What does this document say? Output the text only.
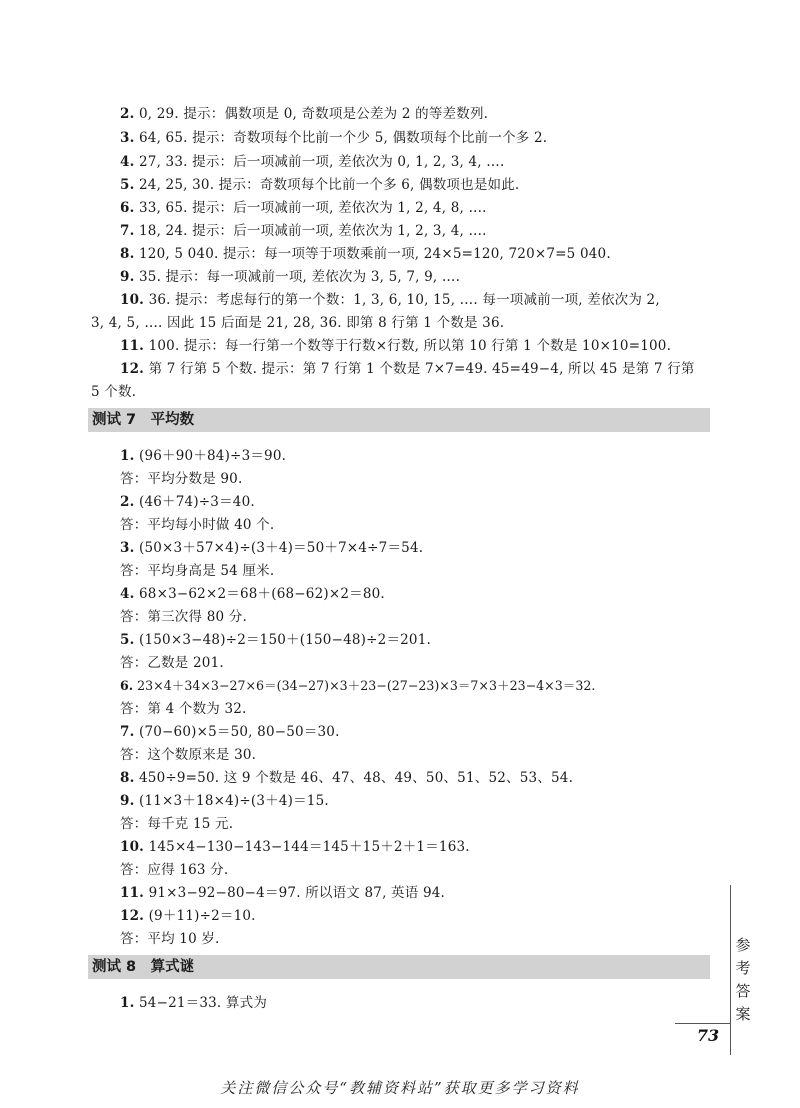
2. 0, 29. 提示：偶数项是 0, 奇数项是公差为 2 的等差数列.
3. 64, 65. 提示：奇数项每个比前一个少 5, 偶数项每个比前一个多 2.
4. 27, 33. 提示：后一项减前一项, 差依次为 0, 1, 2, 3, 4, ….
5. 24, 25, 30. 提示：奇数项每个比前一个多 6, 偶数项也是如此.
6. 33, 65. 提示：后一项减前一项, 差依次为 1, 2, 4, 8, ….
7. 18, 24. 提示：后一项减前一项, 差依次为 1, 2, 3, 4, ….
8. 120, 5 040. 提示：每一项等于项数乘前一项, 24×5=120, 720×7=5 040.
9. 35. 提示：每一项减前一项, 差依次为 3, 5, 7, 9, ….
10. 36. 提示：考虑每行的第一个数：1, 3, 6, 10, 15, …. 每一项减前一项, 差依次为 2,
3, 4, 5, …. 因此 15 后面是 21, 28, 36. 即第 8 行第 1 个数是 36.
11. 100. 提示：每一行第一个数等于行数×行数, 所以第 10 行第 1 个数是 10×10=100.
12. 第 7 行第 5 个数. 提示：第 7 行第 1 个数是 7×7=49. 45=49−4, 所以 45 是第 7 行第
5 个数.
测试 7　平均数
1. (96＋90＋84)÷3＝90.
答：平均分数是 90.
2. (46＋74)÷3＝40.
答：平均每小时做 40 个.
3. (50×3＋57×4)÷(3＋4)＝50＋7×4÷7＝54.
答：平均身高是 54 厘米.
4. 68×3−62×2＝68＋(68−62)×2＝80.
答：第三次得 80 分.
5. (150×3−48)÷2＝150＋(150−48)÷2＝201.
答：乙数是 201.
6. 23×4＋34×3−27×6＝(34−27)×3＋23−(27−23)×3＝7×3＋23−4×3＝32.
答：第 4 个数为 32.
7. (70−60)×5＝50, 80−50＝30.
答：这个数原来是 30.
8. 450÷9=50. 这 9 个数是 46、47、48、49、50、51、52、53、54.
9. (11×3＋18×4)÷(3＋4)＝15.
答：每千克 15 元.
10. 145×4−130−143−144＝145＋15＋2＋1＝163.
答：应得 163 分.
11. 91×3−92−80−4＝97. 所以语文 87, 英语 94.
12. (9＋11)÷2＝10.
答：平均 10 岁.
测试 8　算式谜
1. 54−21＝33. 算式为
参
考
答
案
73
关注微信公众号“教辅资料站”获取更多学习资料
